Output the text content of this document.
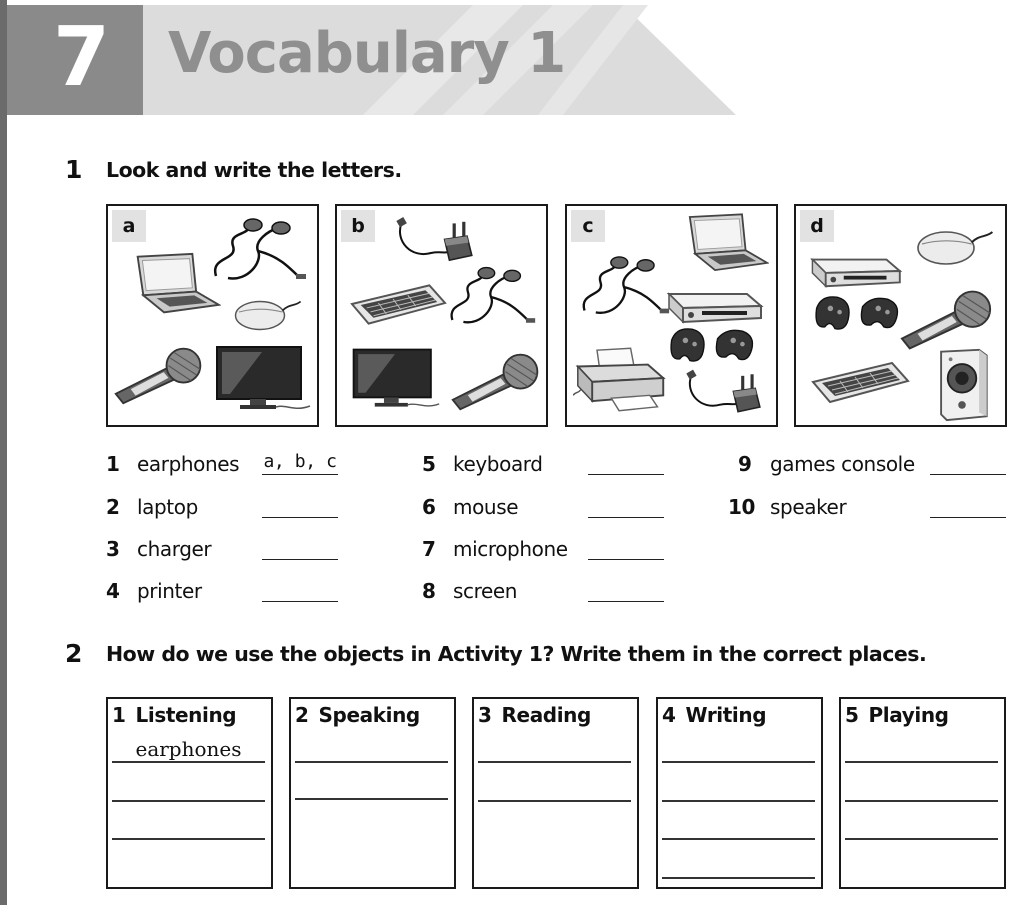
7 Vocabulary 1
1 Look and write the letters.
a	b	c	d
1 earphones a, b, c
2 laptop
3 charger
4 printer
5 keyboard
6 mouse
7 microphone
8 screen
9 games console
10 speaker
2 How do we use the objects in Activity 1? Write them in the correct places.
1 Listening
earphones
2 Speaking	3 Reading	4 Writing	5 Playing
